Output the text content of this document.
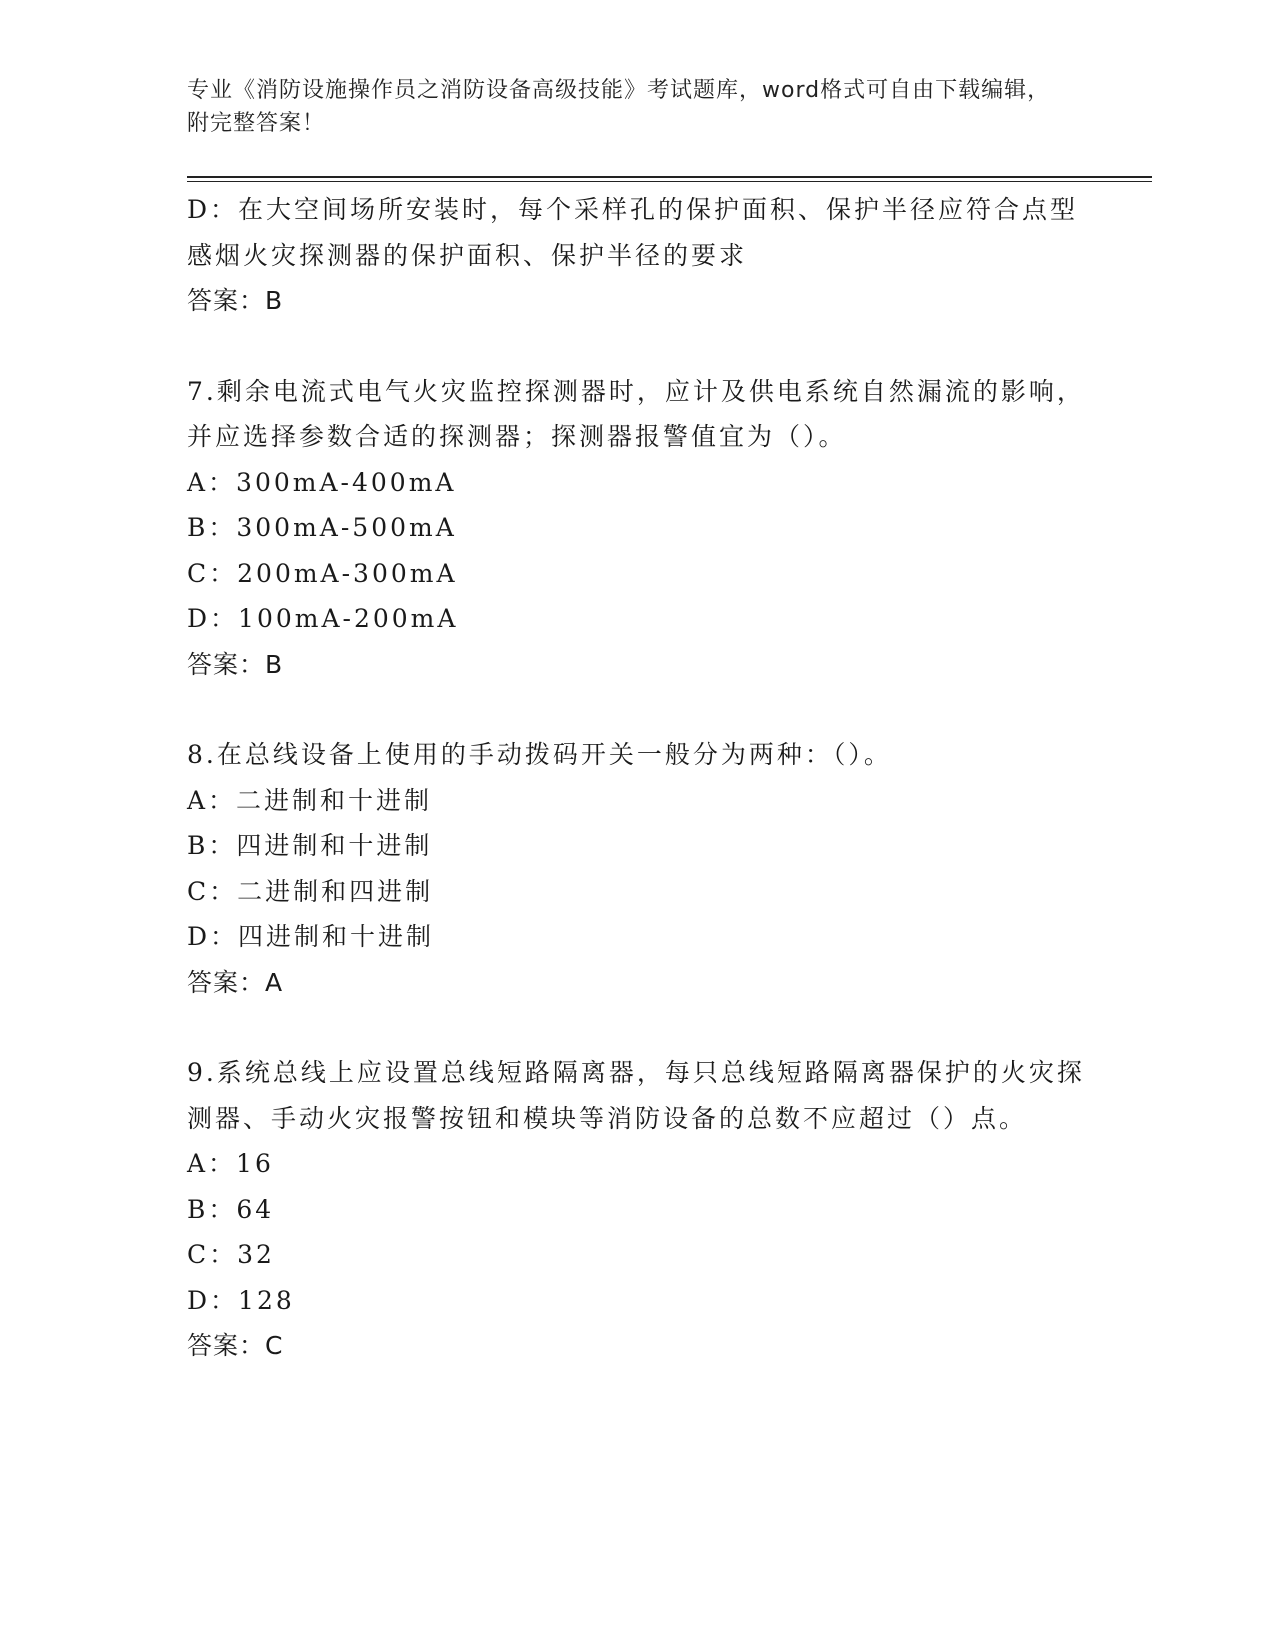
专业《消防设施操作员之消防设备高级技能》考试题库，word格式可自由下载编辑，附完整答案！
D：在大空间场所安装时，每个采样孔的保护面积、保护半径应符合点型感烟火灾探测器的保护面积、保护半径的要求
答案：B
7.剩余电流式电气火灾监控探测器时，应计及供电系统自然漏流的影响，并应选择参数合适的探测器；探测器报警值宜为（）。
A：300mA-400mA
B：300mA-500mA
C：200mA-300mA
D：100mA-200mA
答案：B
8.在总线设备上使用的手动拨码开关一般分为两种：（）。
A：二进制和十进制
B：四进制和十进制
C：二进制和四进制
D：四进制和十进制
答案：A
9.系统总线上应设置总线短路隔离器，每只总线短路隔离器保护的火灾探测器、手动火灾报警按钮和模块等消防设备的总数不应超过（）点。
A：16
B：64
C：32
D：128
答案：C
